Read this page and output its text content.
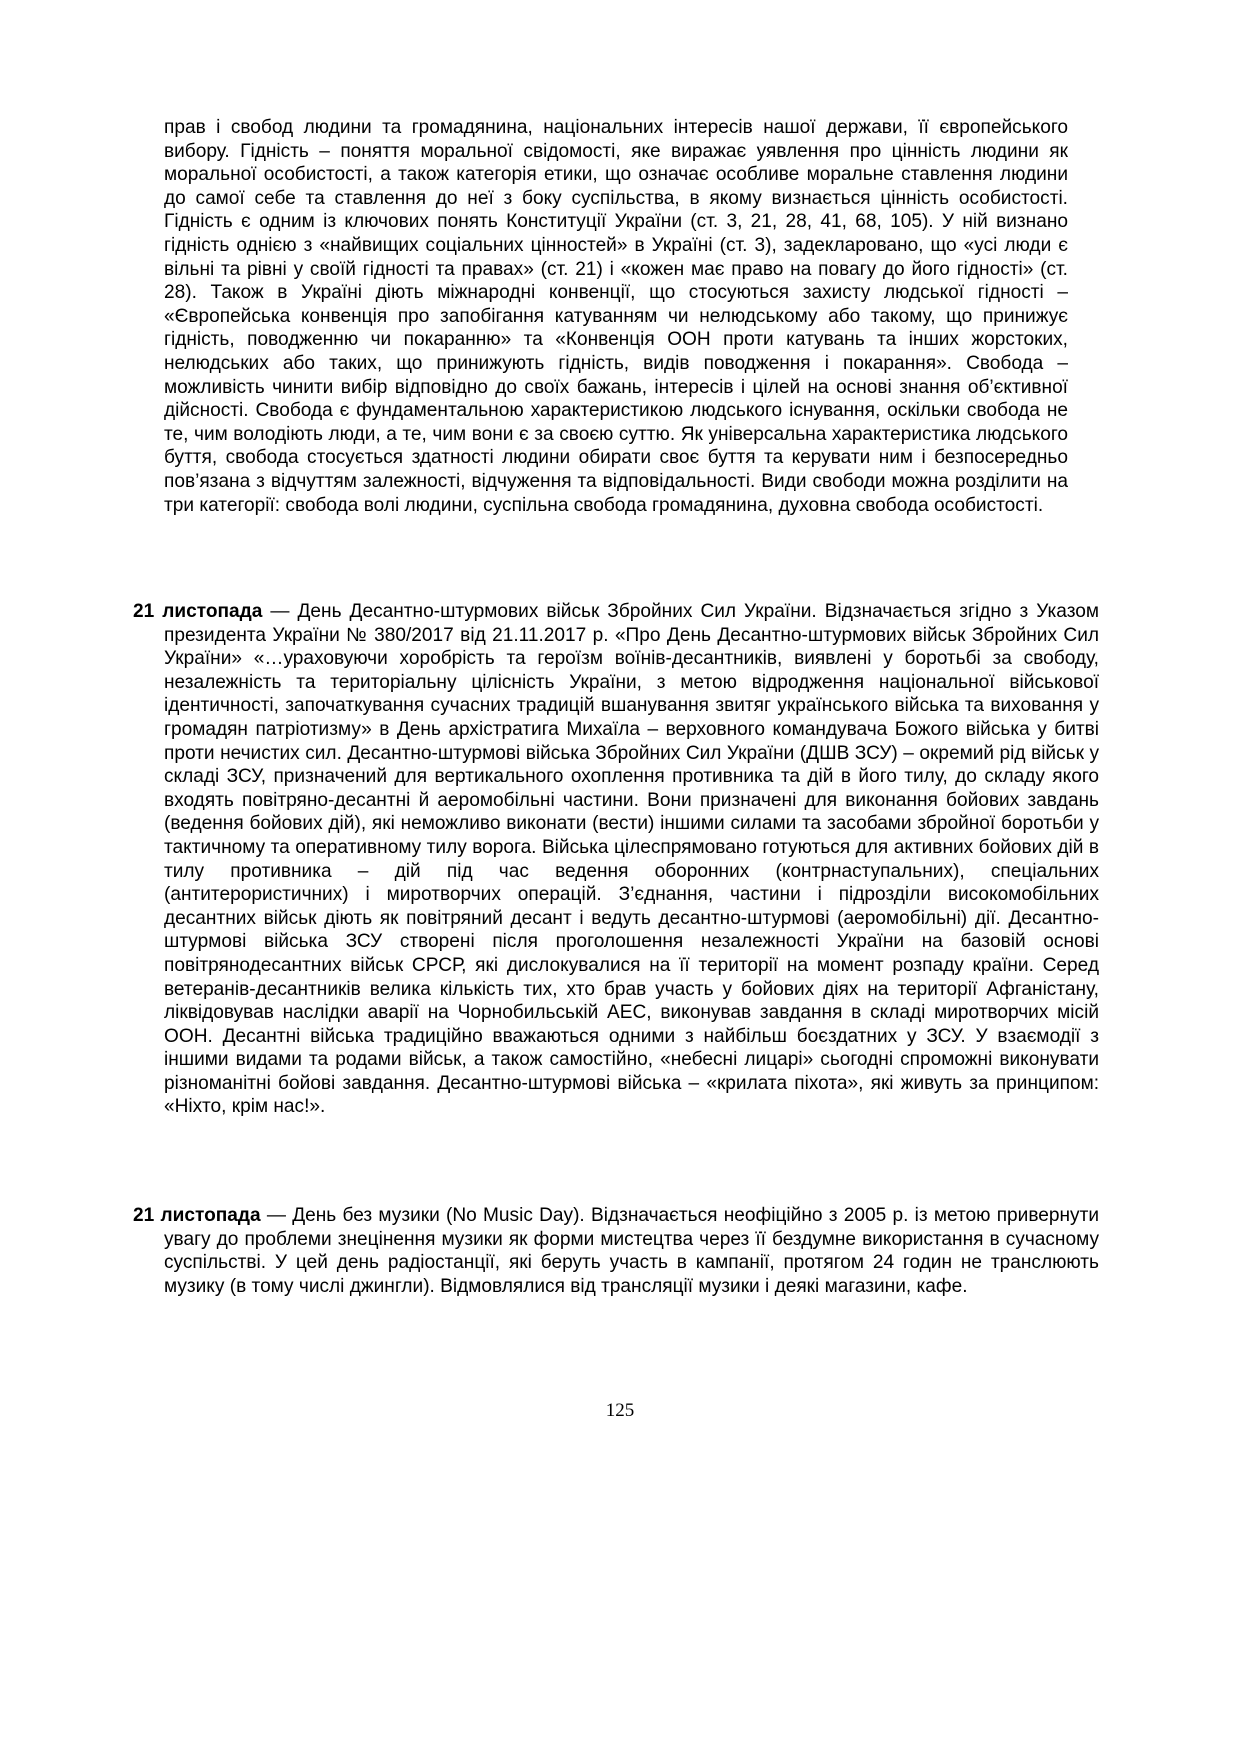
прав і свобод людини та громадянина, національних інтересів нашої держави, її європейського вибору. Гідність – поняття моральної свідомості, яке виражає уявлення про цінність людини як моральної особистості, а також категорія етики, що означає особливе моральне ставлення людини до самої себе та ставлення до неї з боку суспільства, в якому визнається цінність особистості. Гідність є одним із ключових понять Конституції України (ст. 3, 21, 28, 41, 68, 105). У ній визнано гідність однією з «найвищих соціальних цінностей» в Україні (ст. 3), задекларовано, що «усі люди є вільні та рівні у своїй гідності та правах» (ст. 21) і «кожен має право на повагу до його гідності» (ст. 28). Також в Україні діють міжнародні конвенції, що стосуються захисту людської гідності – «Європейська конвенція про запобігання катуванням чи нелюдському або такому, що принижує гідність, поводженню чи покаранню» та «Конвенція ООН проти катувань та інших жорстоких, нелюдських або таких, що принижують гідність, видів поводження і покарання». Свобода – можливість чинити вибір відповідно до своїх бажань, інтересів і цілей на основі знання об’єктивної дійсності. Свобода є фундаментальною характеристикою людського існування, оскільки свобода не те, чим володіють люди, а те, чим вони є за своєю суттю. Як універсальна характеристика людського буття, свобода стосується здатності людини обирати своє буття та керувати ним і безпосередньо пов’язана з відчуттям залежності, відчуження та відповідальності. Види свободи можна розділити на три категорії: свобода волі людини, суспільна свобода громадянина, духовна свобода особистості.

21 листопада — День Десантно-штурмових військ Збройних Сил України. Відзначається згідно з Указом президента України № 380/2017 від 21.11.2017 р. «Про День Десантно-штурмових військ Збройних Сил України» «…ураховуючи хоробрість та героїзм воїнів-десантників, виявлені у боротьбі за свободу, незалежність та територіальну цілісність України, з метою відродження національної військової ідентичності, започаткування сучасних традицій вшанування звитяг українського війська та виховання у громадян патріотизму» в День архістратига Михаїла – верховного командувача Божого війська у битві проти нечистих сил. Десантно-штурмові війська Збройних Сил України (ДШВ ЗСУ) – окремий рід військ у складі ЗСУ, призначений для вертикального охоплення противника та дій в його тилу, до складу якого входять повітряно-десантні й аеромобільні частини. Вони призначені для виконання бойових завдань (ведення бойових дій), які неможливо виконати (вести) іншими силами та засобами збройної боротьби у тактичному та оперативному тилу ворога. Війська цілеспрямовано готуються для активних бойових дій в тилу противника – дій під час ведення оборонних (контрнаступальних), спеціальних (антитерористичних) і миротворчих операцій. З’єднання, частини і підрозділи високомобільних десантних військ діють як повітряний десант і ведуть десантно-штурмові (аеромобільні) дії. Десантно-штурмові війська ЗСУ створені після проголошення незалежності України на базовій основі повітрянодесантних військ СРСР, які дислокувалися на її території на момент розпаду країни. Серед ветеранів-десантників велика кількість тих, хто брав участь у бойових діях на території Афганістану, ліквідовував наслідки аварії на Чорнобильській АЕС, виконував завдання в складі миротворчих місій ООН. Десантні війська традиційно вважаються одними з найбільш боєздатних у ЗСУ. У взаємодії з іншими видами та родами військ, а також самостійно, «небесні лицарі» сьогодні спроможні виконувати різноманітні бойові завдання. Десантно-штурмові війська – «крилата піхота», які живуть за принципом: «Ніхто, крім нас!».

21 листопада — День без музики (No Music Day). Відзначається неофіційно з 2005 р. із метою привернути увагу до проблеми знецінення музики як форми мистецтва через її бездумне використання в сучасному суспільстві. У цей день радіостанції, які беруть участь в кампанії, протягом 24 годин не транслюють музику (в тому числі джингли). Відмовлялися від трансляції музики і деякі магазини, кафе.

125
